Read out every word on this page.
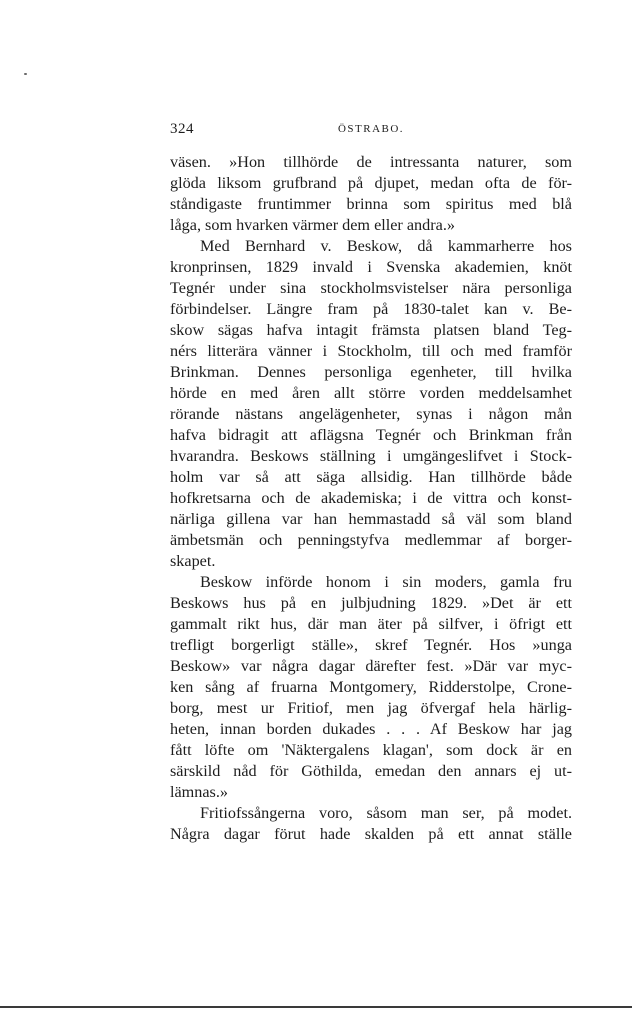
324	ÖSTRABO.
väsen. »Hon tillhörde de intressanta naturer, som
glöda liksom grufbrand på djupet, medan ofta de för-
ståndigaste fruntimmer brinna som spiritus med blå
låga, som hvarken värmer dem eller andra.»
Med Bernhard v. Beskow, då kammarherre hos
kronprinsen, 1829 invald i Svenska akademien, knöt
Tegnér under sina stockholmsvistelser nära personliga
förbindelser. Längre fram på 1830-talet kan v. Be-
skow sägas hafva intagit främsta platsen bland Teg-
nérs litterära vänner i Stockholm, till och med framför
Brinkman. Dennes personliga egenheter, till hvilka
hörde en med åren allt större vorden meddelsamhet
rörande nästans angelägenheter, synas i någon mån
hafva bidragit att aflägsna Tegnér och Brinkman från
hvarandra. Beskows ställning i umgängeslifvet i Stock-
holm var så att säga allsidig. Han tillhörde både
hofkretsarna och de akademiska; i de vittra och konst-
närliga gillena var han hemmastadd så väl som bland
ämbetsmän och penningstyfva medlemmar af borger-
skapet.
Beskow införde honom i sin moders, gamla fru
Beskows hus på en julbjudning 1829. »Det är ett
gammalt rikt hus, där man äter på silfver, i öfrigt ett
trefligt borgerligt ställe», skref Tegnér. Hos »unga
Beskow» var några dagar därefter fest. »Där var myc-
ken sång af fruarna Montgomery, Ridderstolpe, Crone-
borg, mest ur Fritiof, men jag öfvergaf hela härlig-
heten, innan borden dukades . . . Af Beskow har jag
fått löfte om 'Näktergalens klagan', som dock är en
särskild nåd för Göthilda, emedan den annars ej ut-
lämnas.»
Fritiofssångerna voro, såsom man ser, på modet.
Några dagar förut hade skalden på ett annat ställe
